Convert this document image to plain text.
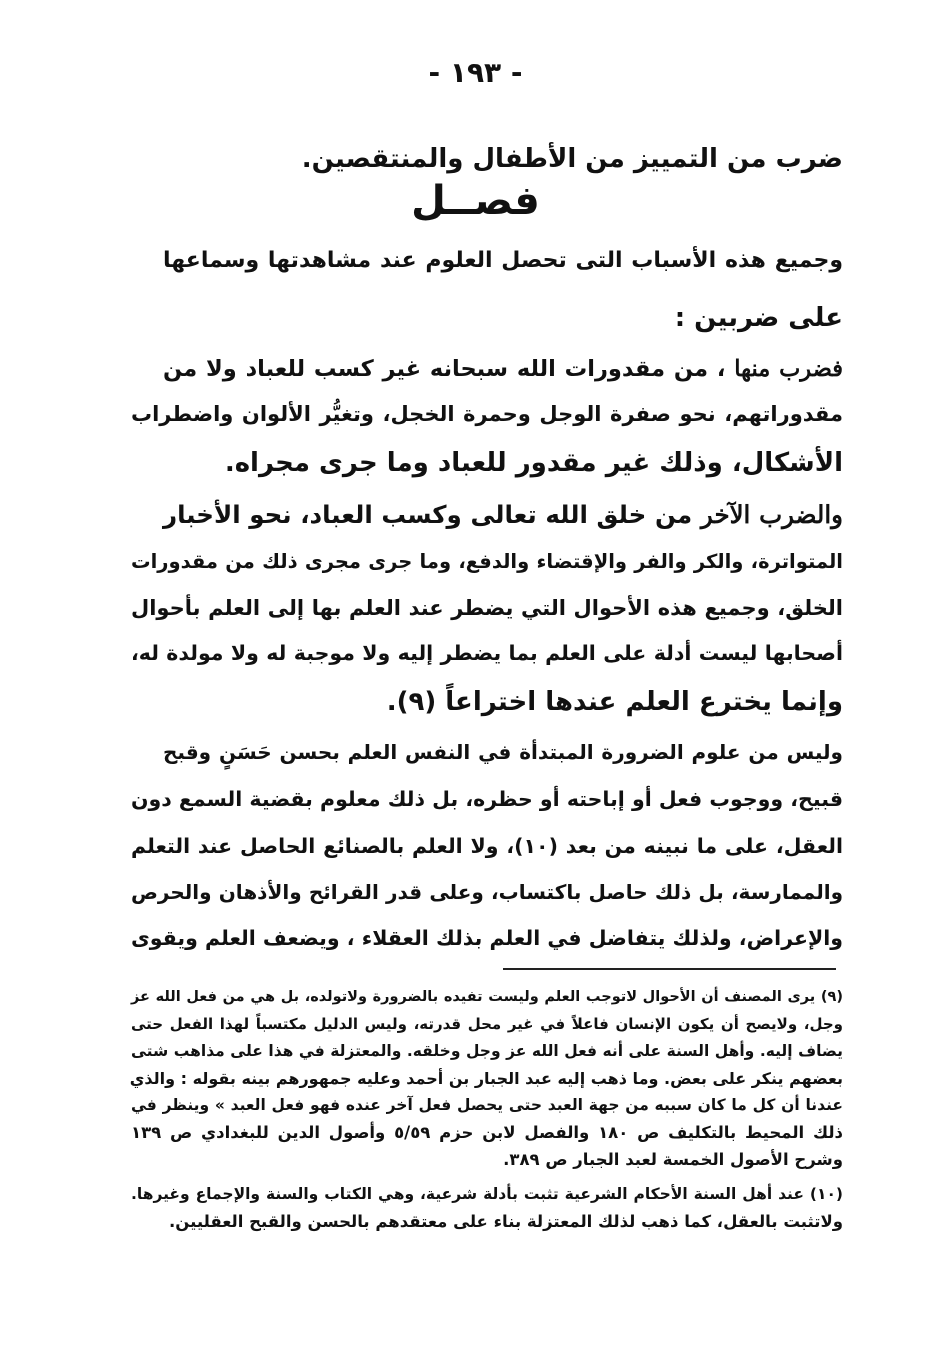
- ١٩٣ -
ضرب من التمييز من الأطفال والمنتقصين.
فصــل
وجميع هذه الأسباب التى تحصل العلوم عند مشاهدتها وسماعها
على ضربين :
فضرب منها ، من مقدورات الله سبحانه غير كسب للعباد ولا من
مقدوراتهم، نحو صفرة الوجل وحمرة الخجل، وتغيُّر الألوان واضطراب
الأشكال، وذلك غير مقدور للعباد وما جرى مجراه.
والضرب الآخر من خلق الله تعالى وكسب العباد، نحو الأخبار
المتواترة، والكر والفر والإقتضاء والدفع، وما جرى مجرى ذلك من مقدورات
الخلق، وجميع هذه الأحوال التي يضطر عند العلم بها إلى العلم بأحوال
أصحابها ليست أدلة على العلم بما يضطر إليه ولا موجبة له ولا مولدة له،
وإنما يخترع العلم عندها اختراعاً (٩).
وليس من علوم الضرورة المبتدأة في النفس العلم بحسن حَسَنٍ وقبح
قبيح، ووجوب فعل أو إباحته أو حظره، بل ذلك معلوم بقضية السمع دون
العقل، على ما نبينه من بعد (١٠)، ولا العلم بالصنائع الحاصل عند التعلم
والممارسة، بل ذلك حاصل باكتساب، وعلى قدر القرائح والأذهان والحرص
والإعراض، ولذلك يتفاضل في العلم بذلك العقلاء ، ويضعف العلم ويقوى
(٩) يرى المصنف أن الأحوال لاتوجب العلم وليست تفيده بالضرورة ولاتولده، بل هي من فعل الله عز
وجل، ولايصح أن يكون الإنسان فاعلاً في غير محل قدرته، وليس الدليل مكتسباً لهذا الفعل حتى
يضاف إليه. وأهل السنة على أنه فعل الله عز وجل وخلقه. والمعتزلة في هذا على مذاهب شتى
بعضهم ينكر على بعض. وما ذهب إليه عبد الجبار بن أحمد وعليه جمهورهم بينه بقوله : والذي
عندنا أن كل ما كان سببه من جهة العبد حتى يحصل فعل آخر عنده فهو فعل العبد » وينظر في
ذلك المحيط بالتكليف ص ١٨٠ والفصل لابن حزم ٥/٥٩ وأصول الدين للبغدادي ص ١٣٩
وشرح الأصول الخمسة لعبد الجبار ص ٣٨٩.
(١٠) عند أهل السنة الأحكام الشرعية تثبت بأدلة شرعية، وهي الكتاب والسنة والإجماع وغيرها.
ولاتثبت بالعقل، كما ذهب لذلك المعتزلة بناء على معتقدهم بالحسن والقبح العقليين.
